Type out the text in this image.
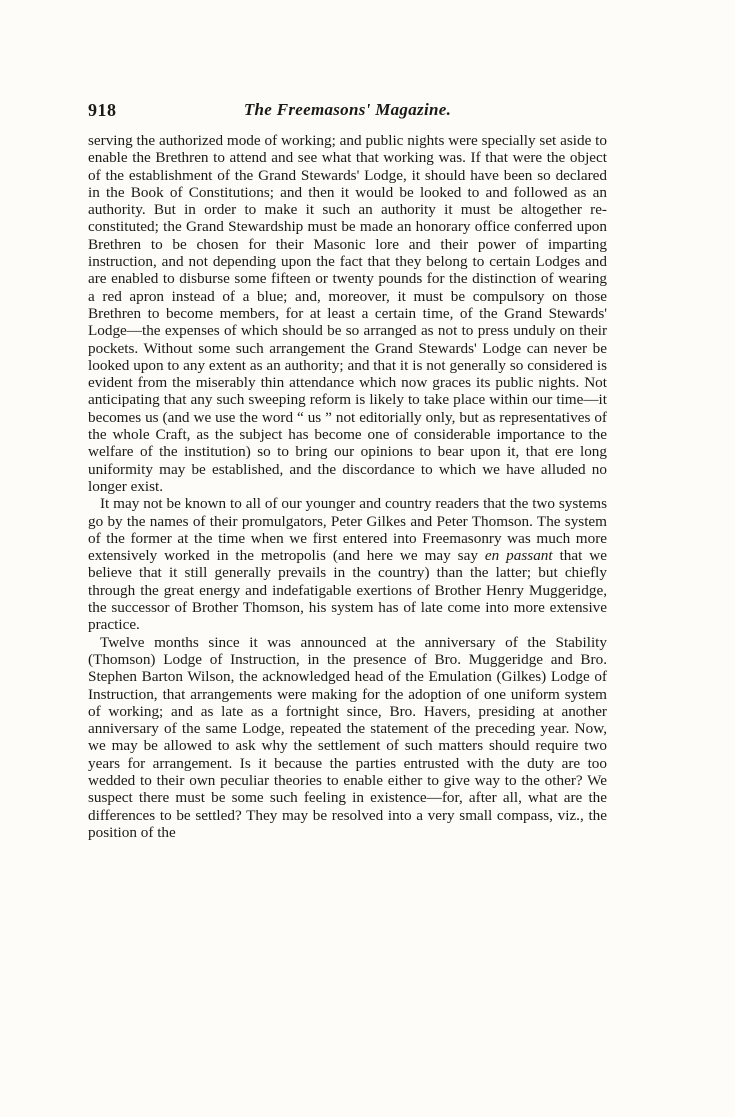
918	The Freemasons' Magazine.

serving the authorized mode of working; and public nights were specially set aside to enable the Brethren to attend and see what that working was. If that were the object of the establishment of the Grand Stewards' Lodge, it should have been so declared in the Book of Constitutions; and then it would be looked to and followed as an authority. But in order to make it such an authority it must be altogether re-constituted; the Grand Stewardship must be made an honorary office conferred upon Brethren to be chosen for their Masonic lore and their power of imparting instruction, and not depending upon the fact that they belong to certain Lodges and are enabled to disburse some fifteen or twenty pounds for the distinction of wearing a red apron instead of a blue; and, moreover, it must be compulsory on those Brethren to become members, for at least a certain time, of the Grand Stewards' Lodge—the expenses of which should be so arranged as not to press unduly on their pockets. Without some such arrangement the Grand Stewards' Lodge can never be looked upon to any extent as an authority; and that it is not generally so considered is evident from the miserably thin attendance which now graces its public nights. Not anticipating that any such sweeping reform is likely to take place within our time—it becomes us (and we use the word “ us ” not editorially only, but as representatives of the whole Craft, as the subject has become one of considerable importance to the welfare of the institution) so to bring our opinions to bear upon it, that ere long uniformity may be established, and the discordance to which we have alluded no longer exist.

It may not be known to all of our younger and country readers that the two systems go by the names of their promulgators, Peter Gilkes and Peter Thomson. The system of the former at the time when we first entered into Freemasonry was much more extensively worked in the metropolis (and here we may say en passant that we believe that it still generally prevails in the country) than the latter; but chiefly through the great energy and indefatigable exertions of Brother Henry Muggeridge, the successor of Brother Thomson, his system has of late come into more extensive practice.

Twelve months since it was announced at the anniversary of the Stability (Thomson) Lodge of Instruction, in the presence of Bro. Muggeridge and Bro. Stephen Barton Wilson, the acknowledged head of the Emulation (Gilkes) Lodge of Instruction, that arrangements were making for the adoption of one uniform system of working; and as late as a fortnight since, Bro. Havers, presiding at another anniversary of the same Lodge, repeated the statement of the preceding year. Now, we may be allowed to ask why the settlement of such matters should require two years for arrangement. Is it because the parties entrusted with the duty are too wedded to their own peculiar theories to enable either to give way to the other? We suspect there must be some such feeling in existence—for, after all, what are the differences to be settled? They may be resolved into a very small compass, viz., the position of the
